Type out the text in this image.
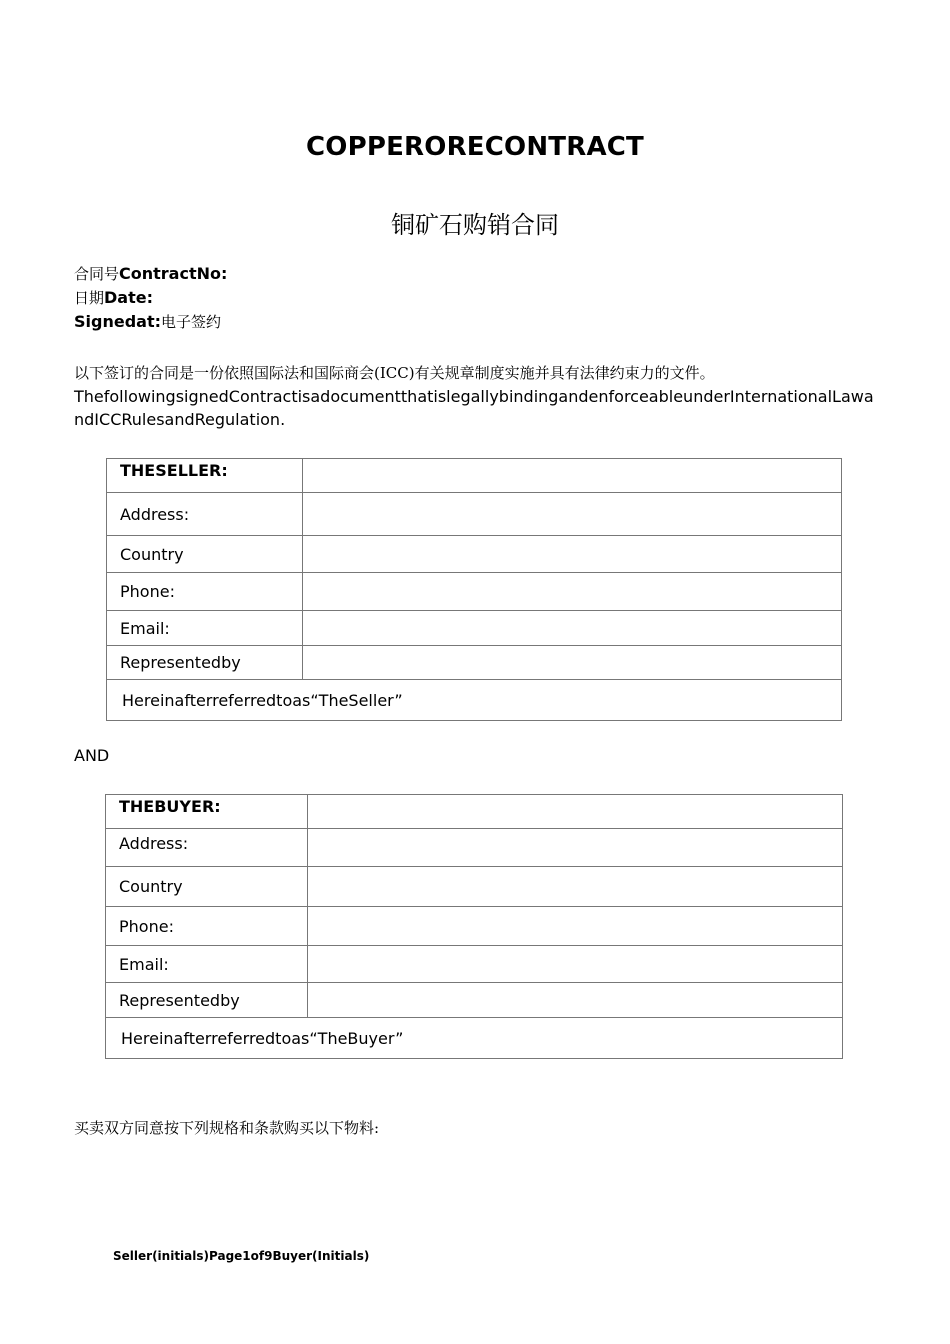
COPPERORECONTRACT
铜矿石购销合同
合同号ContractNo:
日期Date:
Signedat:电子签约
以下签订的合同是一份依照国际法和国际商会(ICC)有关规章制度实施并具有法律约束力的文件。
ThefollowingsignedContractisadocumentthatislegallybindingandenforceableunderInternationalLawandICCRulesandRegulation.
THESELLER:	
Address:	
Country	
Phone:	
Email:	
Representedby	
Hereinafterreferredtoas“TheSeller”	
AND
THEBUYER:	
Address:	
Country	
Phone:	
Email:	
Representedby	
Hereinafterreferredtoas“TheBuyer”	
买卖双方同意按下列规格和条款购买以下物料:
Seller(initials)Page1of9Buyer(Initials)
